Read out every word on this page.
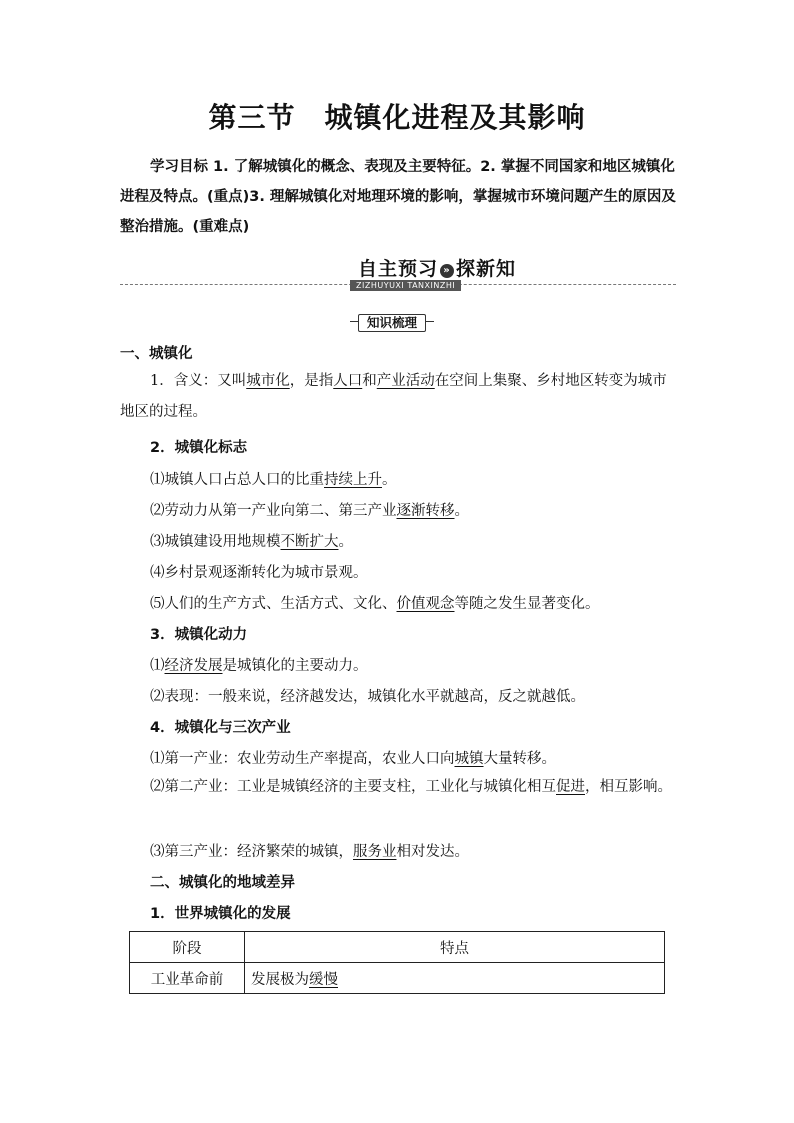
第三节　城镇化进程及其影响
学习目标 1. 了解城镇化的概念、表现及主要特征。2. 掌握不同国家和地区城镇化进程及特点。(重点)3. 理解城镇化对地理环境的影响，掌握城市环境问题产生的原因及整治措施。(重难点)
自主预习 » 探新知
ZIZHUYUXI TANXINZHI
知识梳理
一、城镇化
1．含义：又叫城市化，是指人口和产业活动在空间上集聚、乡村地区转变为城市地区的过程。
2．城镇化标志
⑴城镇人口占总人口的比重持续上升。
⑵劳动力从第一产业向第二、第三产业逐渐转移。
⑶城镇建设用地规模不断扩大。
⑷乡村景观逐渐转化为城市景观。
⑸人们的生产方式、生活方式、文化、价值观念等随之发生显著变化。
3．城镇化动力
⑴经济发展是城镇化的主要动力。
⑵表现：一般来说，经济越发达，城镇化水平就越高，反之就越低。
4．城镇化与三次产业
⑴第一产业：农业劳动生产率提高，农业人口向城镇大量转移。
⑵第二产业：工业是城镇经济的主要支柱，工业化与城镇化相互促进，相互影响。
⑶第三产业：经济繁荣的城镇，服务业相对发达。
二、城镇化的地域差异
1．世界城镇化的发展
阶段	特点
工业革命前	发展极为缓慢
